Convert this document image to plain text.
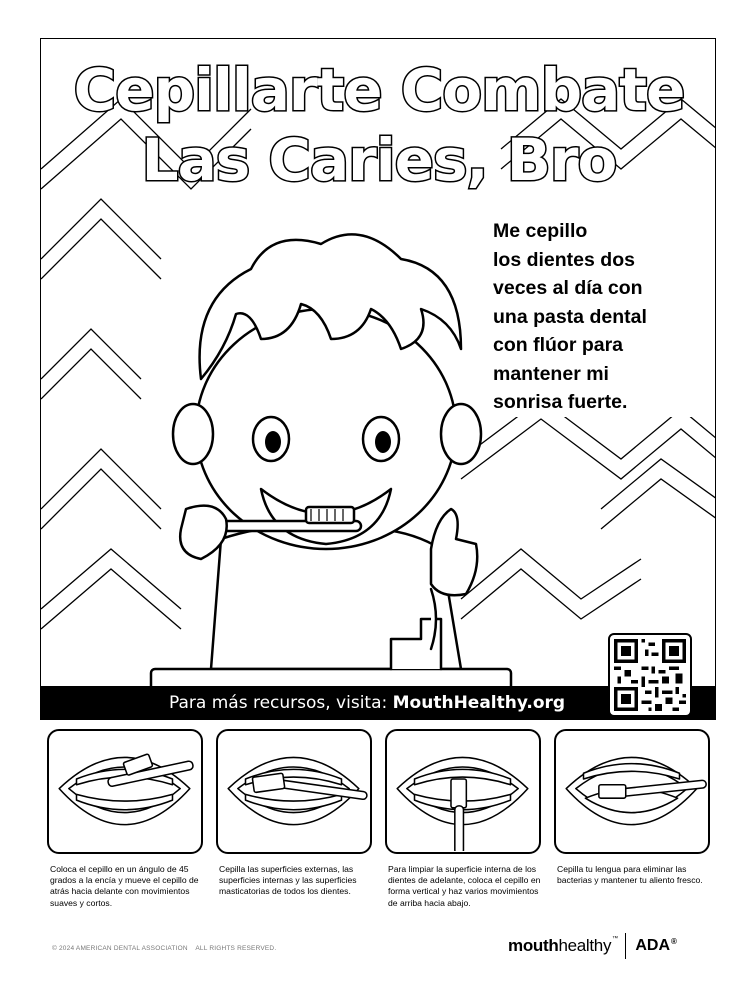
Cepillarte Combate
Las Caries, Bro
Me cepillo
los dientes dos
veces al día con
una pasta dental
con flúor para
mantener mi
sonrisa fuerte.
Para más recursos, visita: MouthHealthy.org
Coloca el cepillo en un ángulo de 45 grados a la encía y mueve el cepillo de atrás hacia delante con movimientos suaves y cortos.
Cepilla las superficies externas, las superficies internas y las superficies masticatorias de todos los dientes.
Para limpiar la superficie interna de los dientes de adelante, coloca el cepillo en forma vertical y haz varios movimientos de arriba hacia abajo.
Cepilla tu lengua para eliminar las bacterias y mantener tu aliento fresco.
© 2024 AMERICAN DENTAL ASSOCIATION    ALL RIGHTS RESERVED.	mouthhealthy™ ADA®
